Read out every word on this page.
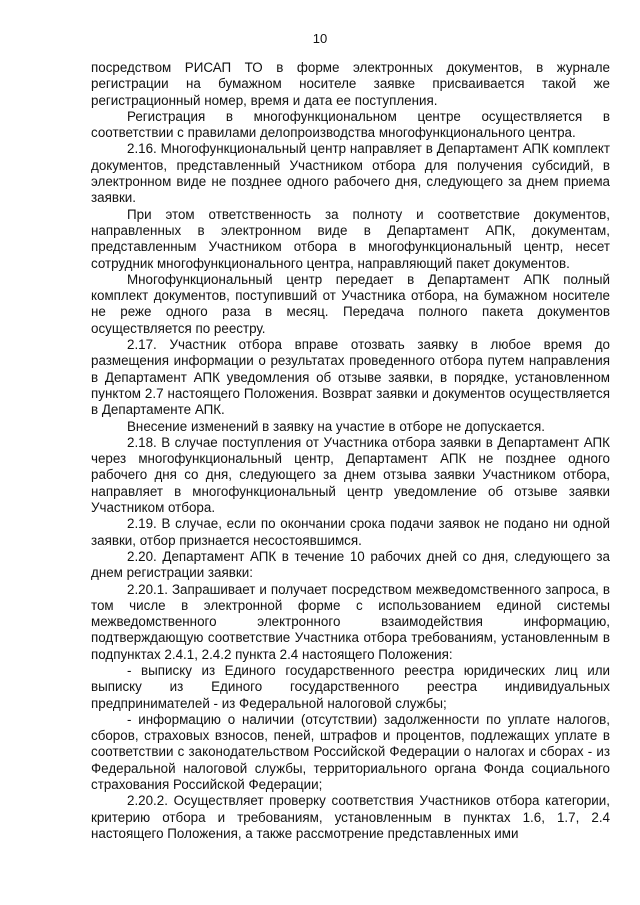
10

посредством РИСАП ТО в форме электронных документов, в журнале регистрации на бумажном носителе заявке присваивается такой же регистрационный номер, время и дата ее поступления.

Регистрация в многофункциональном центре осуществляется в соответствии с правилами делопроизводства многофункционального центра.

2.16. Многофункциональный центр направляет в Департамент АПК комплект документов, представленный Участником отбора для получения субсидий, в электронном виде не позднее одного рабочего дня, следующего за днем приема заявки.

При этом ответственность за полноту и соответствие документов, направленных в электронном виде в Департамент АПК, документам, представленным Участником отбора в многофункциональный центр, несет сотрудник многофункционального центра, направляющий пакет документов.

Многофункциональный центр передает в Департамент АПК полный комплект документов, поступивший от Участника отбора, на бумажном носителе не реже одного раза в месяц. Передача полного пакета документов осуществляется по реестру.

2.17. Участник отбора вправе отозвать заявку в любое время до размещения информации о результатах проведенного отбора путем направления в Департамент АПК уведомления об отзыве заявки, в порядке, установленном пунктом 2.7 настоящего Положения. Возврат заявки и документов осуществляется в Департаменте АПК.

Внесение изменений в заявку на участие в отборе не допускается.

2.18. В случае поступления от Участника отбора заявки в Департамент АПК через многофункциональный центр, Департамент АПК не позднее одного рабочего дня со дня, следующего за днем отзыва заявки Участником отбора, направляет в многофункциональный центр уведомление об отзыве заявки Участником отбора.

2.19. В случае, если по окончании срока подачи заявок не подано ни одной заявки, отбор признается несостоявшимся.

2.20. Департамент АПК в течение 10 рабочих дней со дня, следующего за днем регистрации заявки:

2.20.1. Запрашивает и получает посредством межведомственного запроса, в том числе в электронной форме с использованием единой системы межведомственного электронного взаимодействия информацию, подтверждающую соответствие Участника отбора требованиям, установленным в подпунктах 2.4.1, 2.4.2 пункта 2.4 настоящего Положения:

- выписку из Единого государственного реестра юридических лиц или выписку из Единого государственного реестра индивидуальных предпринимателей - из Федеральной налоговой службы;

- информацию о наличии (отсутствии) задолженности по уплате налогов, сборов, страховых взносов, пеней, штрафов и процентов, подлежащих уплате в соответствии с законодательством Российской Федерации о налогах и сборах - из Федеральной налоговой службы, территориального органа Фонда социального страхования Российской Федерации;

2.20.2. Осуществляет проверку соответствия Участников отбора категории, критерию отбора и требованиям, установленным в пунктах 1.6, 1.7, 2.4 настоящего Положения, а также рассмотрение представленных ими
